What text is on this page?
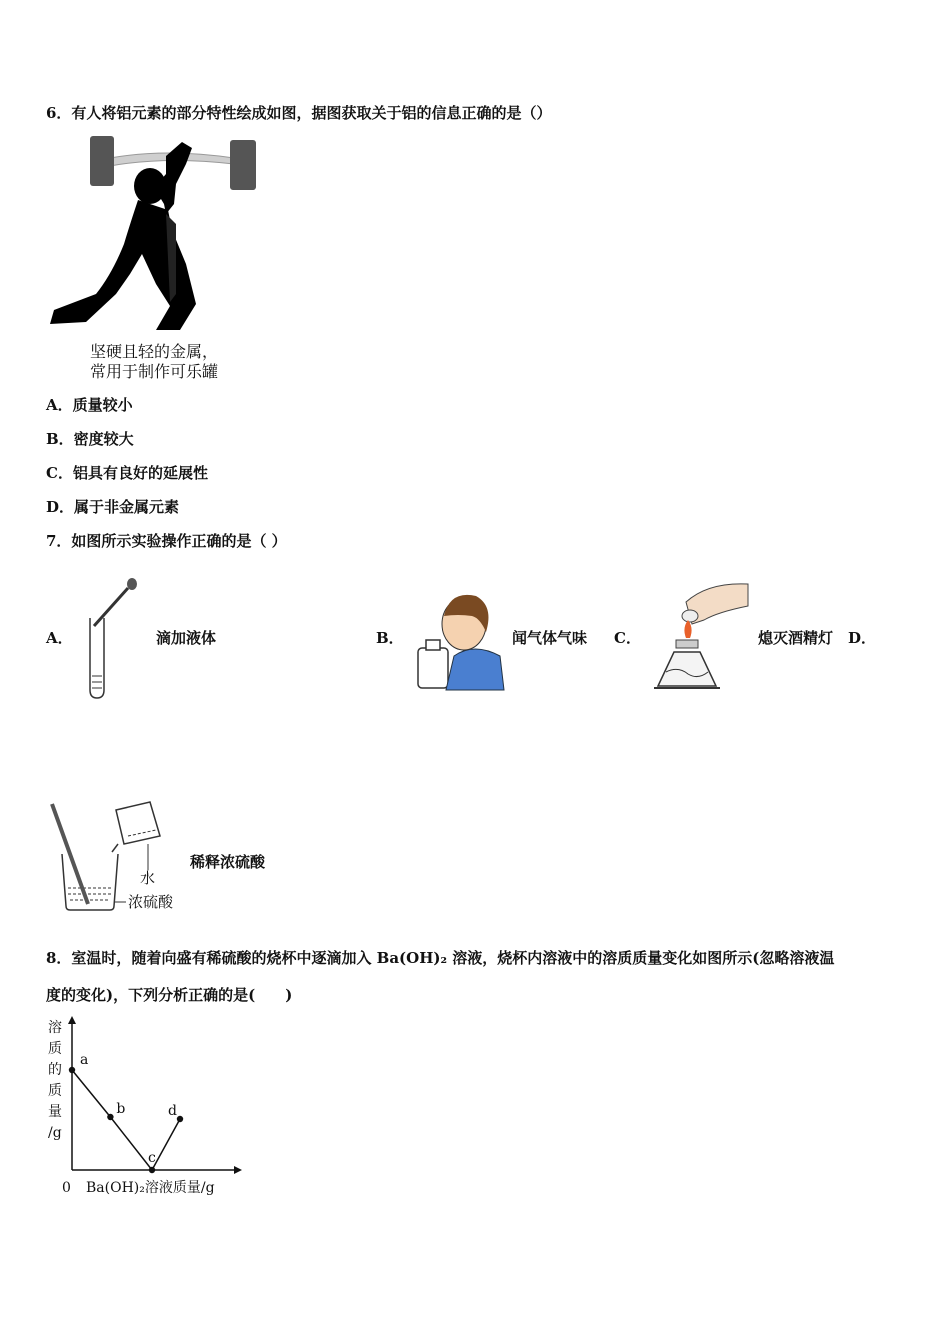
6．有人将铝元素的部分特性绘成如图，据图获取关于铝的信息正确的是（）
坚硬且轻的金属，
常用于制作可乐罐
A．质量较小
B．密度较大
C．铝具有良好的延展性
D．属于非金属元素
7．如图所示实验操作正确的是（ ）
A．	滴加液体	B．	闻气体气味 C．	熄灭酒精灯 D．
水
浓硫酸
稀释浓硫酸
8．室温时，随着向盛有稀硫酸的烧杯中逐滴加入 Ba(OH)₂ 溶液，烧杯内溶液中的溶质质量变化如图所示(忽略溶液温
度的变化)，下列分析正确的是(　　)
溶
质
的
质
量
/g
0 Ba(OH)₂溶液质量/g
a
b
c
d
